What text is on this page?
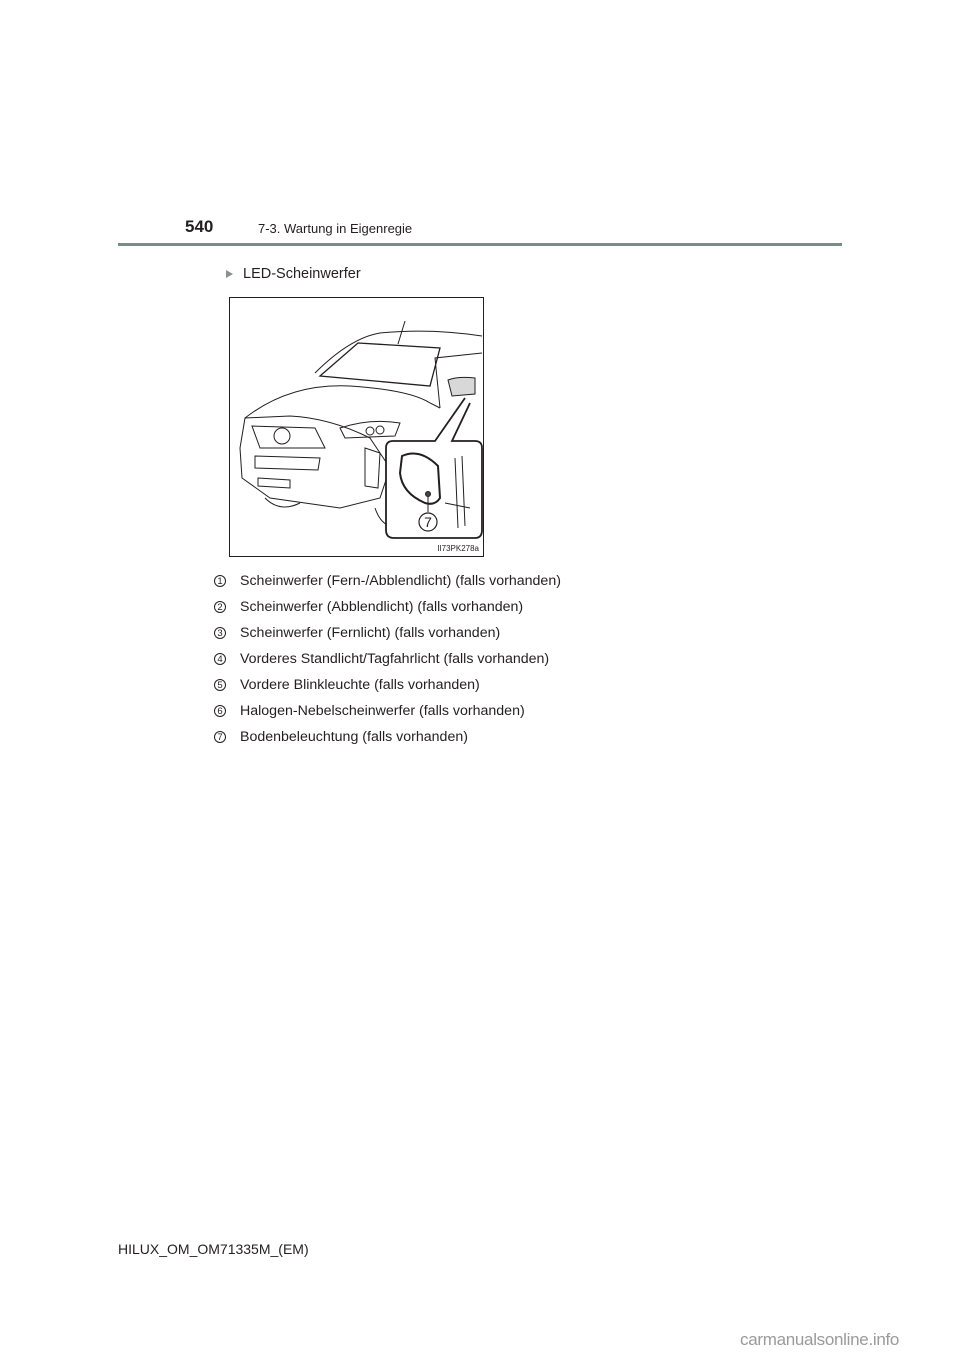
540	7-3. Wartung in Eigenregie
LED-Scheinwerfer
7
II73PK278a
1 Scheinwerfer (Fern-/Abblendlicht) (falls vorhanden)
2 Scheinwerfer (Abblendlicht) (falls vorhanden)
3 Scheinwerfer (Fernlicht) (falls vorhanden)
4 Vorderes Standlicht/Tagfahrlicht (falls vorhanden)
5 Vordere Blinkleuchte (falls vorhanden)
6 Halogen-Nebelscheinwerfer (falls vorhanden)
7 Bodenbeleuchtung (falls vorhanden)
HILUX_OM_OM71335M_(EM)
carmanualsonline.info
